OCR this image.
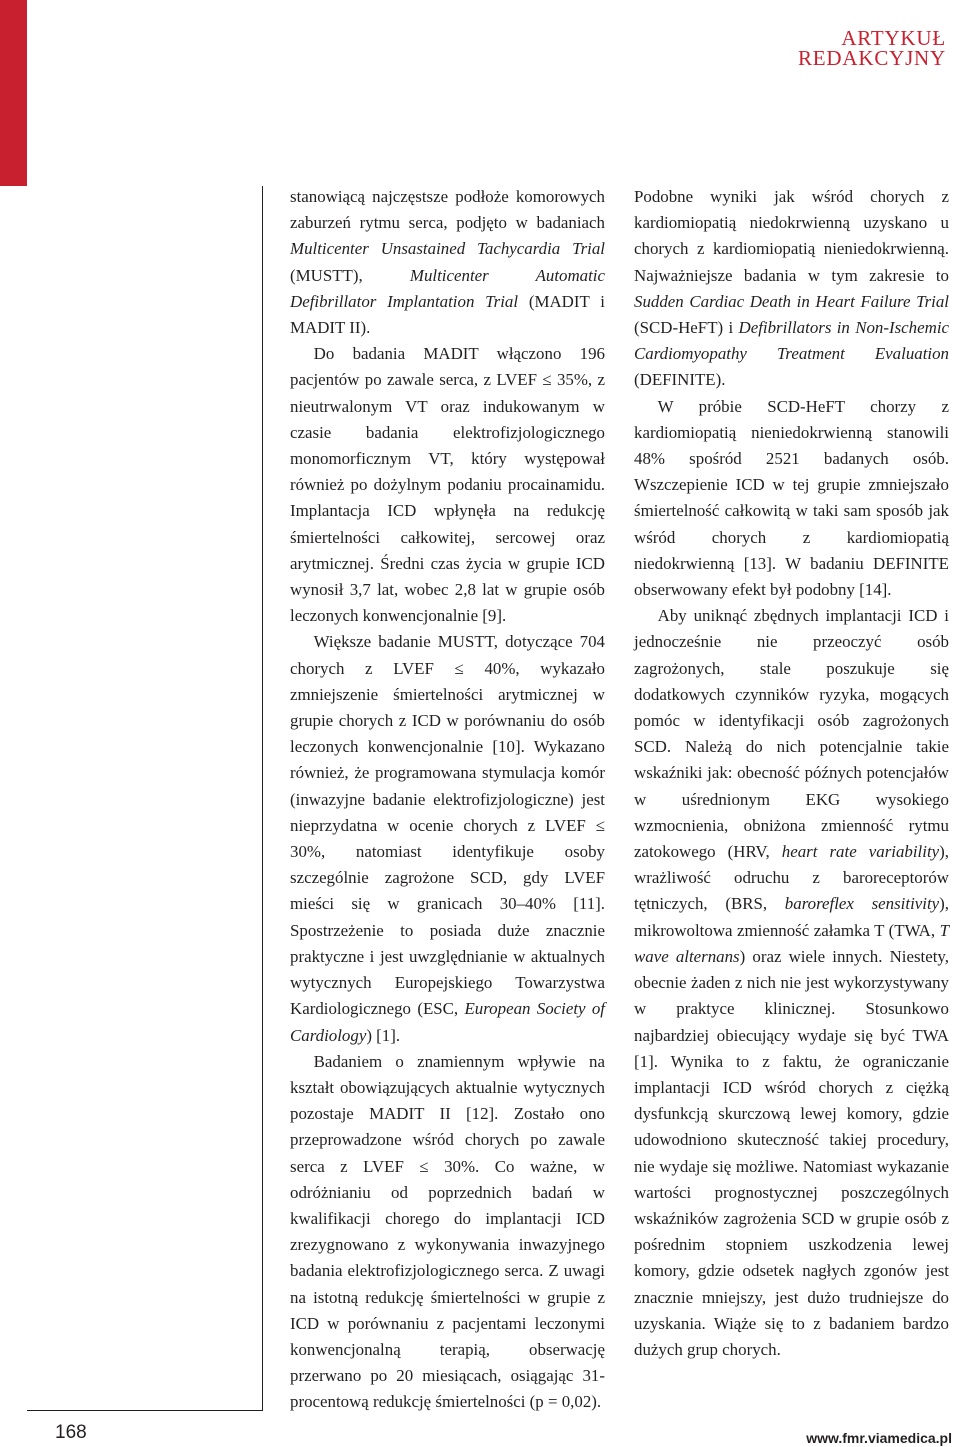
ARTYKUŁ
REDAKCYJNY

stanowiącą najczęstsze podłoże komorowych zaburzeń rytmu serca, podjęto w badaniach Multicenter Unsastained Tachycardia Trial (MUSTT), Multicenter Automatic Defibrillator Implantation Trial (MADIT i MADIT II).

Do badania MADIT włączono 196 pacjentów po zawale serca, z LVEF ≤ 35%, z nieutrwalonym VT oraz indukowanym w czasie badania elektrofizjologicznego monomorficznym VT, który występował również po dożylnym podaniu procainamidu. Implantacja ICD wpłynęła na redukcję śmiertelności całkowitej, sercowej oraz arytmicznej. Średni czas życia w grupie ICD wynosił 3,7 lat, wobec 2,8 lat w grupie osób leczonych konwencjonalnie [9].

Większe badanie MUSTT, dotyczące 704 chorych z LVEF ≤ 40%, wykazało zmniejszenie śmiertelności arytmicznej w grupie chorych z ICD w porównaniu do osób leczonych konwencjonalnie [10]. Wykazano również, że programowana stymulacja komór (inwazyjne badanie elektrofizjologiczne) jest nieprzydatna w ocenie chorych z LVEF ≤ 30%, natomiast identyfikuje osoby szczególnie zagrożone SCD, gdy LVEF mieści się w granicach 30–40% [11]. Spostrzeżenie to posiada duże znacznie praktyczne i jest uwzględnianie w aktualnych wytycznych Europejskiego Towarzystwa Kardiologicznego (ESC, European Society of Cardiology) [1].

Badaniem o znamiennym wpływie na kształt obowiązujących aktualnie wytycznych pozostaje MADIT II [12]. Zostało ono przeprowadzone wśród chorych po zawale serca z LVEF ≤ 30%. Co ważne, w odróżnianiu od poprzednich badań w kwalifikacji chorego do implantacji ICD zrezygnowano z wykonywania inwazyjnego badania elektrofizjologicznego serca. Z uwagi na istotną redukcję śmiertelności w grupie z ICD w porównaniu z pacjentami leczonymi konwencjonalną terapią, obserwację przerwano po 20 miesiącach, osiągając 31-procentową redukcję śmiertelności (p = 0,02).

Podobne wyniki jak wśród chorych z kardiomiopatią niedokrwienną uzyskano u chorych z kardiomiopatią nieniedokrwienną. Najważniejsze badania w tym zakresie to Sudden Cardiac Death in Heart Failure Trial (SCD-HeFT) i Defibrillators in Non-Ischemic Cardiomyopathy Treatment Evaluation (DEFINITE).

W próbie SCD-HeFT chorzy z kardiomiopatią nieniedokrwienną stanowili 48% spośród 2521 badanych osób. Wszczepienie ICD w tej grupie zmniejszało śmiertelność całkowitą w taki sam sposób jak wśród chorych z kardiomiopatią niedokrwienną [13]. W badaniu DEFINITE obserwowany efekt był podobny [14].

Aby uniknąć zbędnych implantacji ICD i jednocześnie nie przeoczyć osób zagrożonych, stale poszukuje się dodatkowych czynników ryzyka, mogących pomóc w identyfikacji osób zagrożonych SCD. Należą do nich potencjalnie takie wskaźniki jak: obecność późnych potencjałów w uśrednionym EKG wysokiego wzmocnienia, obniżona zmienność rytmu zatokowego (HRV, heart rate variability), wrażliwość odruchu z baroreceptorów tętniczych, (BRS, baroreflex sensitivity), mikrowoltowa zmienność załamka T (TWA, T wave alternans) oraz wiele innych. Niestety, obecnie żaden z nich nie jest wykorzystywany w praktyce klinicznej. Stosunkowo najbardziej obiecujący wydaje się być TWA [1]. Wynika to z faktu, że ograniczanie implantacji ICD wśród chorych z ciężką dysfunkcją skurczową lewej komory, gdzie udowodniono skuteczność takiej procedury, nie wydaje się możliwe. Natomiast wykazanie wartości prognostycznej poszczególnych wskaźników zagrożenia SCD w grupie osób z pośrednim stopniem uszkodzenia lewej komory, gdzie odsetek nagłych zgonów jest znacznie mniejszy, jest dużo trudniejsze do uzyskania. Wiąże się to z badaniem bardzo dużych grup chorych.

168	www.fmr.viamedica.pl
